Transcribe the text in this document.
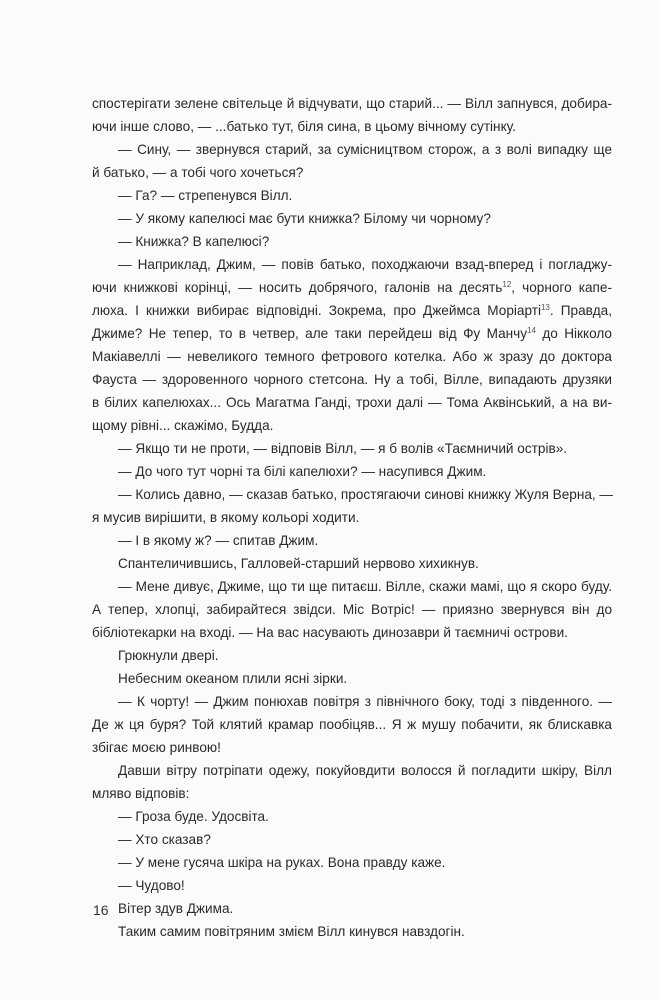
спостерігати зелене світельце й відчувати, що старий... — Вілл запнувся, добира-
ючи інше слово, — ...батько тут, біля сина, в цьому вічному сутінку.
— Сину, — звернувся старий, за сумісництвом сторож, а з волі випадку ще
й батько, — а тобі чого хочеться?
— Га? — стрепенувся Вілл.
— У якому капелюсі має бути книжка? Білому чи чорному?
— Книжка? В капелюсі?
— Наприклад, Джим, — повів батько, походжаючи взад-вперед і погладжу-
ючи книжкові корінці, — носить добрячого, галонів на десять$^{12}$, чорного капе-
люха. І книжки вибирає відповідні. Зокрема, про Джеймса Моріарті$^{13}$. Правда,
Джиме? Не тепер, то в четвер, але таки перейдеш від Фу Манчу$^{14}$ до Нікколо
Макіавеллі — невеликого темного фетрового котелка. Або ж зразу до доктора
Фауста — здоровенного чорного стетсона. Ну а тобі, Вілле, випадають друзяки
в білих капелюхах... Ось Магатма Ганді, трохи далі — Тома Аквінський, а на ви-
щому рівні... скажімо, Будда.
— Якщо ти не проти, — відповів Вілл, — я б волів «Таємничий острів».
— До чого тут чорні та білі капелюхи? — насупився Джим.
— Колись давно, — сказав батько, простягаючи синові книжку Жуля Верна, —
я мусив вирішити, в якому кольорі ходити.
— І в якому ж? — спитав Джим.
Спантеличившись, Галловей-старший нервово хихикнув.
— Мене дивує, Джиме, що ти ще питаєш. Вілле, скажи мамі, що я скоро буду.
А тепер, хлопці, забирайтеся звідси. Міс Вотріс! — приязно звернувся він до
бібліотекарки на вході. — На вас насувають динозаври й таємничі острови.
Грюкнули двері.
Небесним океаном плили ясні зірки.
— К чорту! — Джим понюхав повітря з північного боку, тоді з південного. —
Де ж ця буря? Той клятий крамар пообіцяв... Я ж мушу побачити, як блискавка
збігає моєю ринвою!
Давши вітру потріпати одежу, покуйовдити волосся й погладити шкіру, Вілл
мляво відповів:
— Гроза буде. Удосвіта.
— Хто сказав?
— У мене гусяча шкіра на руках. Вона правду каже.
— Чудово!
Вітер здув Джима.
Таким самим повітряним змієм Вілл кинувся навздогін.
16
